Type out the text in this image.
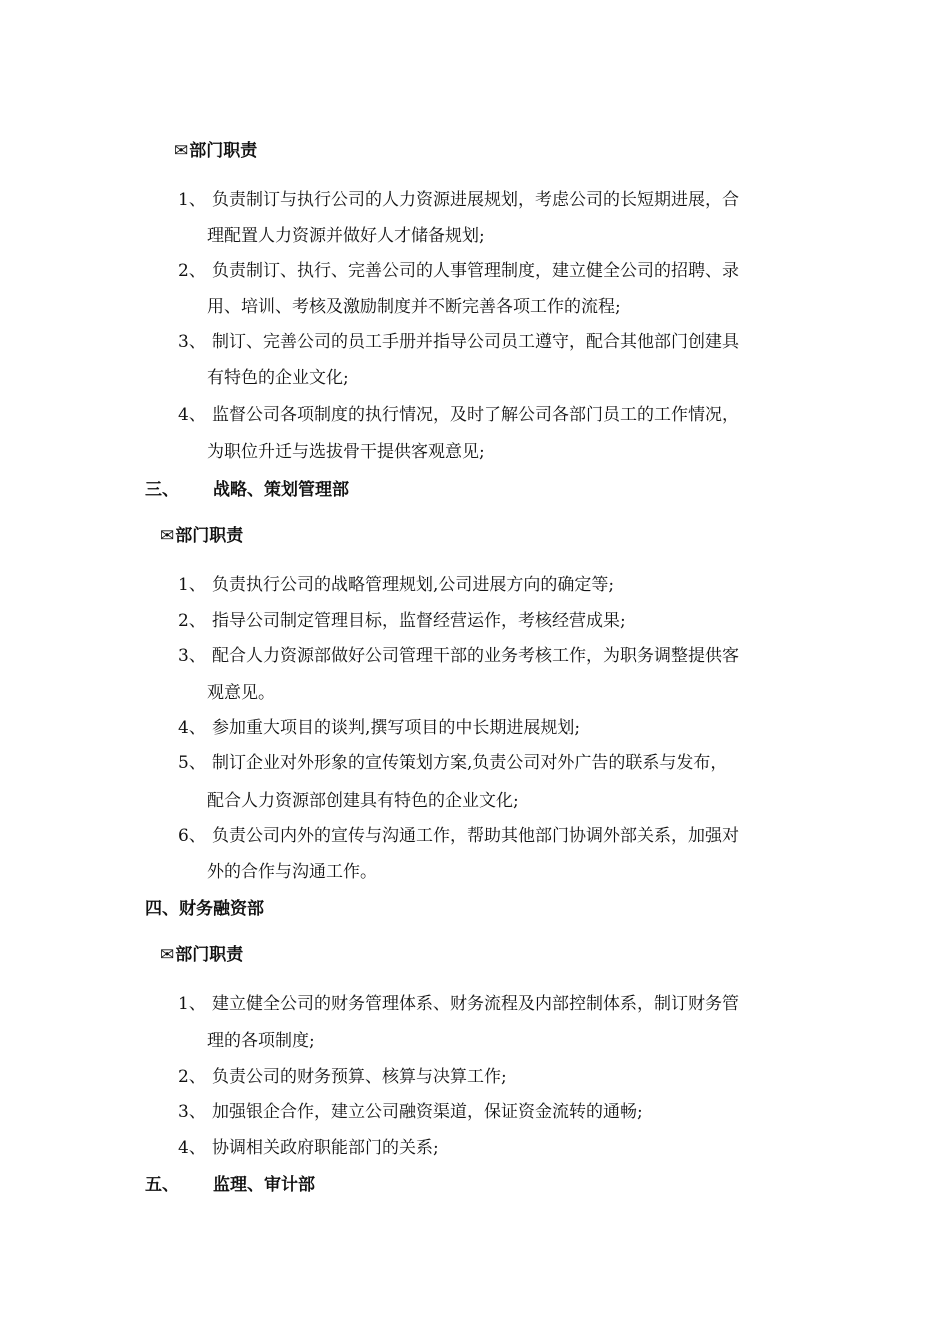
✉部门职责
1、 负责制订与执行公司的人力资源进展规划，考虑公司的长短期进展，合
理配置人力资源并做好人才储备规划;
2、 负责制订、执行、完善公司的人事管理制度，建立健全公司的招聘、录
用、培训、考核及激励制度并不断完善各项工作的流程;
3、 制订、完善公司的员工手册并指导公司员工遵守，配合其他部门创建具
有特色的企业文化;
4、 监督公司各项制度的执行情况，及时了解公司各部门员工的工作情况，
为职位升迁与选拔骨干提供客观意见;
三、 战略、策划管理部
✉部门职责
1、 负责执行公司的战略管理规划,公司进展方向的确定等;
2、 指导公司制定管理目标，监督经营运作，考核经营成果;
3、 配合人力资源部做好公司管理干部的业务考核工作，为职务调整提供客
观意见。
4、 参加重大项目的谈判,撰写项目的中长期进展规划;
5、 制订企业对外形象的宣传策划方案,负责公司对外广告的联系与发布，
配合人力资源部创建具有特色的企业文化;
6、 负责公司内外的宣传与沟通工作，帮助其他部门协调外部关系，加强对
外的合作与沟通工作。
四、财务融资部
✉部门职责
1、 建立健全公司的财务管理体系、财务流程及内部控制体系，制订财务管
理的各项制度;
2、 负责公司的财务预算、核算与决算工作;
3、 加强银企合作，建立公司融资渠道，保证资金流转的通畅;
4、 协调相关政府职能部门的关系;
五、 监理、审计部
